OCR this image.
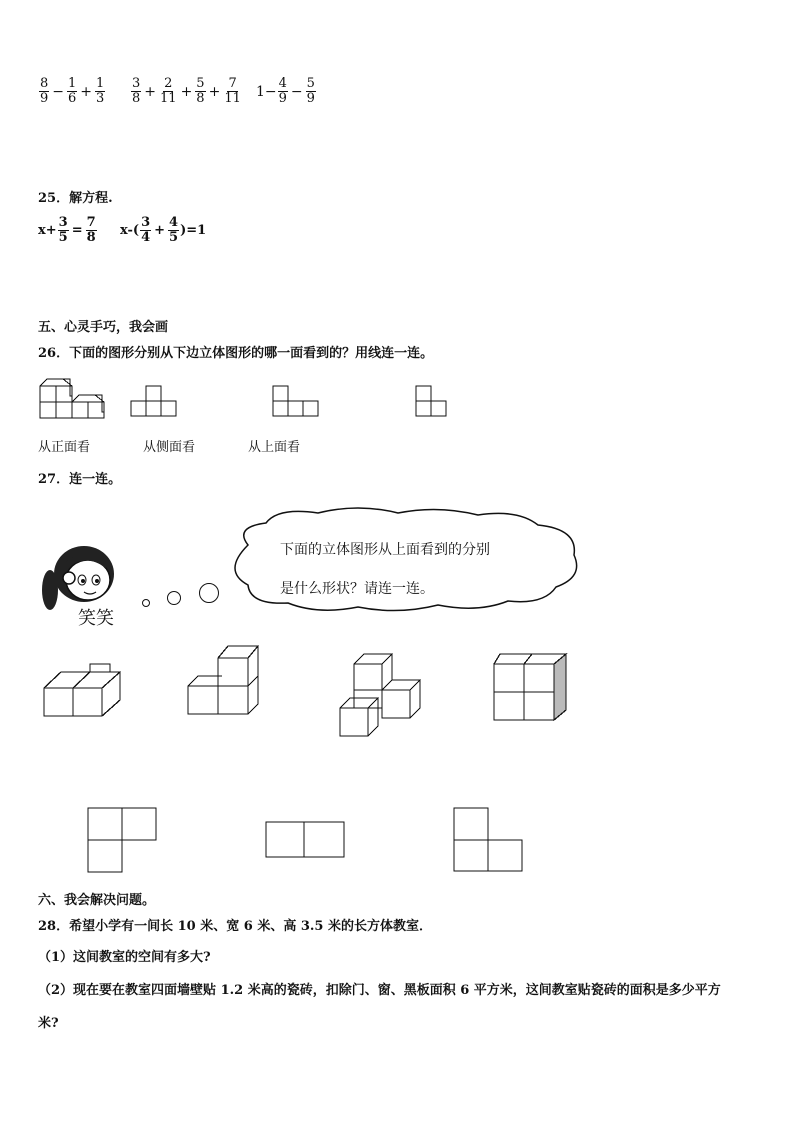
$\frac{8}{9} - \frac{1}{6} + \frac{1}{3} \frac{3}{8} + \frac{2}{11} + \frac{5}{8} + \frac{7}{11} 1- \frac{4}{9} - \frac{5}{9}$
25．解方程.
$x+ \frac{3}{5} = \frac{7}{8} x-( \frac{3}{4} + \frac{4}{5} )=1$
五、心灵手巧，我会画
26．下面的图形分别从下边立体图形的哪一面看到的？用线连一连。
从正面看	从侧面看	从上面看
27．连一连。
笑笑
下面的立体图形从上面看到的分别
是什么形状？请连一连。
六、我会解决问题。
28．希望小学有一间长 10 米、宽 6 米、高 3.5 米的长方体教室．
（1）这间教室的空间有多大?
（2）现在要在教室四面墙壁贴 1.2 米高的瓷砖，扣除门、窗、黑板面积 6 平方米，这间教室贴瓷砖的面积是多少平方
米?
